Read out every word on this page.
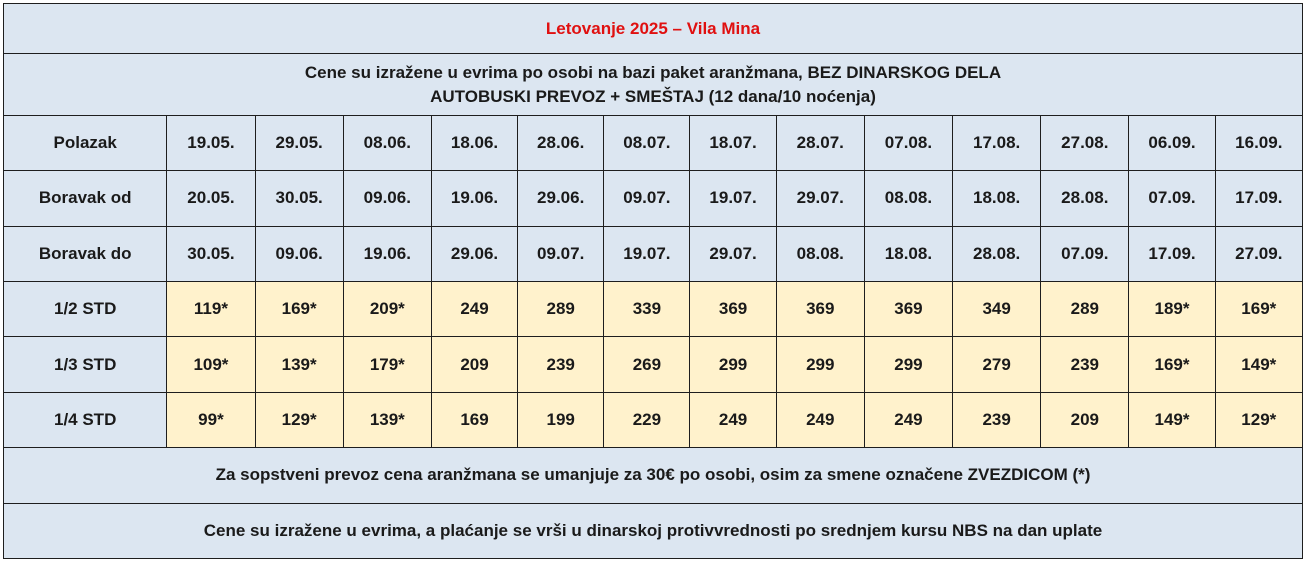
Letovanje 2025 – Vila Mina													

Cene su izražene u evrima po osobi na bazi paket aranžmana, BEZ DINARSKOG DELA
AUTOBUSKI PREVOZ + SMEŠTAJ (12 dana/10 noćenja)													

Polazak	19.05.	29.05.	08.06.	18.06.	28.06.	08.07.	18.07.	28.07.	07.08.	17.08.	27.08.	06.09.	16.09.
Boravak od	20.05.	30.05.	09.06.	19.06.	29.06.	09.07.	19.07.	29.07.	08.08.	18.08.	28.08.	07.09.	17.09.
Boravak do	30.05.	09.06.	19.06.	29.06.	09.07.	19.07.	29.07.	08.08.	18.08.	28.08.	07.09.	17.09.	27.09.
1/2 STD	119*	169*	209*	249	289	339	369	369	369	349	289	189*	169*
1/3 STD	109*	139*	179*	209	239	269	299	299	299	279	239	169*	149*
1/4 STD	99*	129*	139*	169	199	229	249	249	249	239	209	149*	129*
Za sopstveni prevoz cena aranžmana se umanjuje za 30€ po osobi, osim za smene označene ZVEZDICOM (*)													
Cene su izražene u evrima, a plaćanje se vrši u dinarskoj protivvrednosti po srednjem kursu NBS na dan uplate													
